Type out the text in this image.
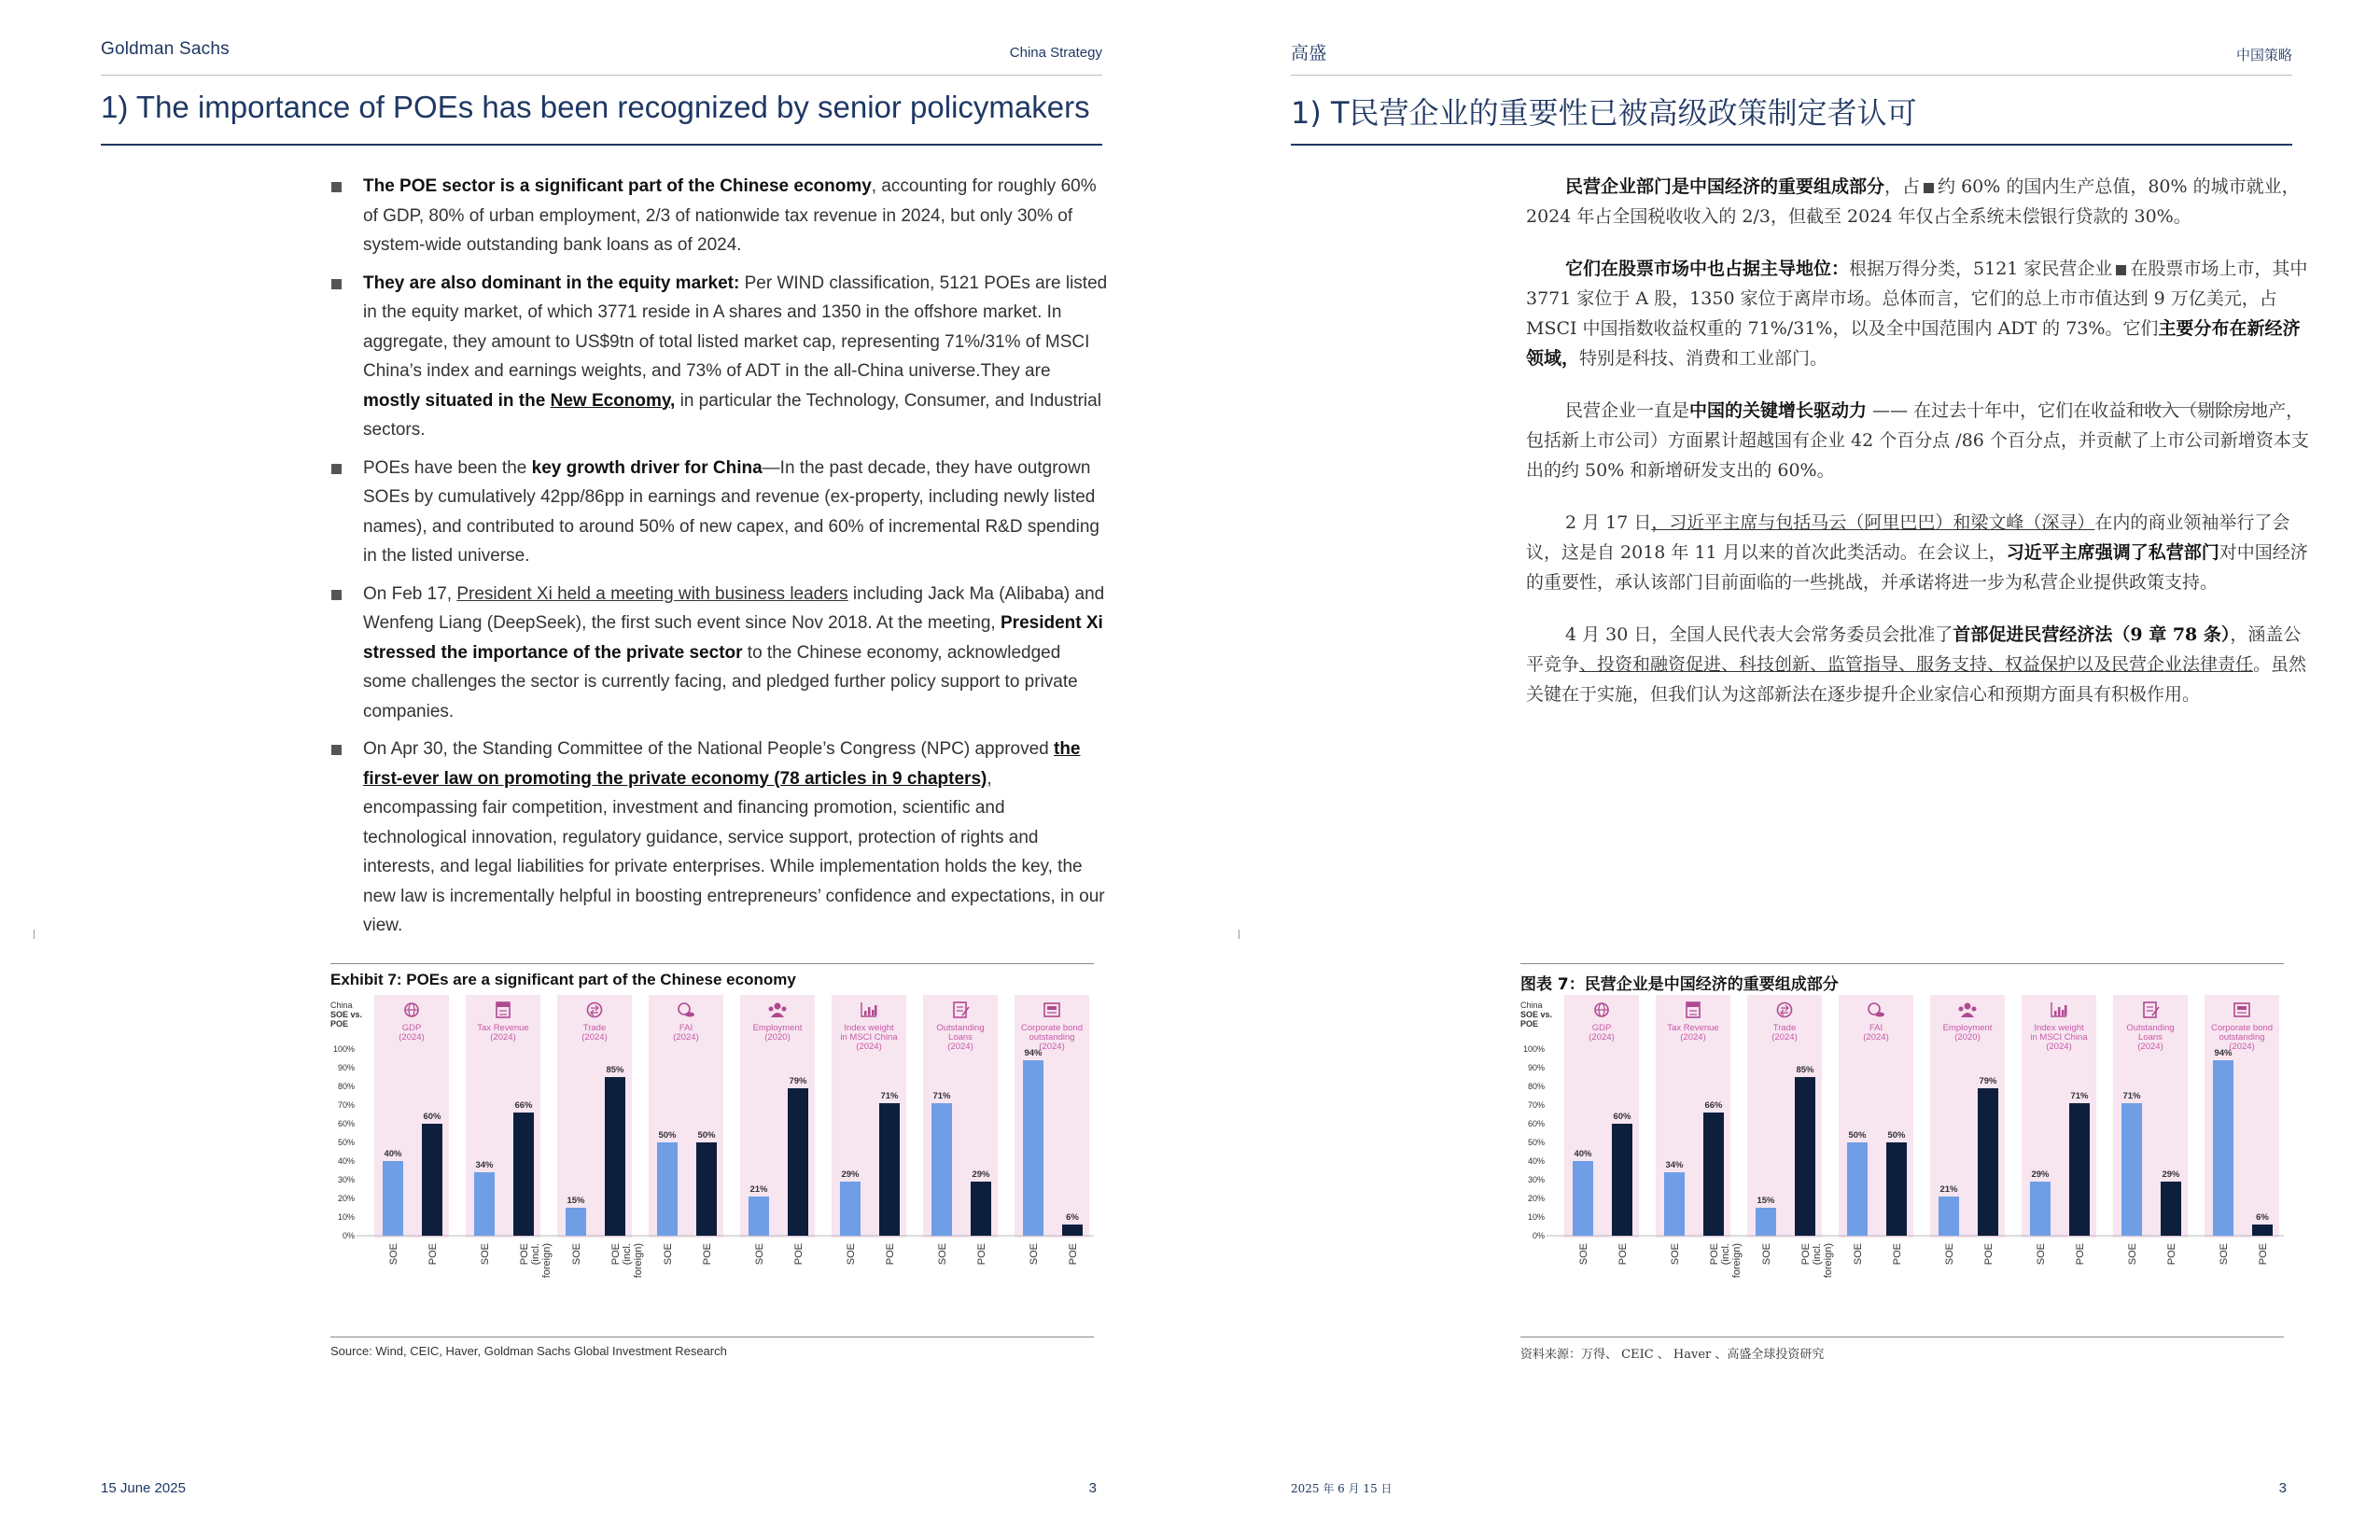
Goldman Sachs	China Strategy
1) The importance of POEs has been recognized by senior policymakers
The POE sector is a significant part of the Chinese economy, accounting for roughly 60% of GDP, 80% of urban employment, 2/3 of nationwide tax revenue in 2024, but only 30% of system-wide outstanding bank loans as of 2024.
They are also dominant in the equity market: Per WIND classification, 5121 POEs are listed in the equity market, of which 3771 reside in A shares and 1350 in the offshore market. In aggregate, they amount to US$9tn of total listed market cap, representing 71%/31% of MSCI China’s index and earnings weights, and 73% of ADT in the all-China universe.They are mostly situated in the New Economy, in particular the Technology, Consumer, and Industrial sectors.
POEs have been the key growth driver for China—In the past decade, they have outgrown SOEs by cumulatively 42pp/86pp in earnings and revenue (ex-property, including newly listed names), and contributed to around 50% of new capex, and 60% of incremental R&D spending in the listed universe.
On Feb 17, President Xi held a meeting with business leaders including Jack Ma (Alibaba) and Wenfeng Liang (DeepSeek), the first such event since Nov 2018. At the meeting, President Xi stressed the importance of the private sector to the Chinese economy, acknowledged some challenges the sector is currently facing, and pledged further policy support to private companies.
On Apr 30, the Standing Committee of the National People’s Congress (NPC) approved the first-ever law on promoting the private economy (78 articles in 9 chapters), encompassing fair competition, investment and financing promotion, scientific and technological innovation, regulatory guidance, service support, protection of rights and interests, and legal liabilities for private enterprises. While implementation holds the key, the new law is incrementally helpful in boosting entrepreneurs’ confidence and expectations, in our view.
Exhibit 7: POEs are a significant part of the Chinese economy
China
SOE vs.
POE	GDP
(2024)
Tax Revenue
(2024)
Trade
(2024)
FAI
(2024)
Employment
(2020)
Index weight
in MSCI China
(2024)
Outstanding
Loans
(2024)
Corporate bond
outstanding
(2024)
0%
10%
20%
30%
40%
50%
60%
70%
80%
90%
100%
40%
SOE
60%
POE
34%
SOE
66%
POE(incl.foreign)
15%
SOE
85%
POE(incl.foreign)
50%
SOE
50%
POE
21%
SOE
79%
POE
29%
SOE
71%
POE
71%
SOE
29%
POE
94%
SOE
6%
POE
Source: Wind, CEIC, Haver, Goldman Sachs Global Investment Research
15 June 2025	3
高盛	中国策略
1) T民营企业的重要性已被高级政策制定者认可

民营企业部门是中国经济的重要组成部分，占 约 60% 的国内生产总值，80% 的城市就业，2024 年占全国税收收入的 2/3，但截至 2024 年仅占全系统未偿银行贷款的 30%。

它们在股票市场中也占据主导地位：根据万得分类，5121 家民营企业 在股票市场上市，其中 3771 家位于 A 股，1350 家位于离岸市场。总体而言，它们的总上市市值达到 9 万亿美元，占 MSCI 中国指数收益权重的 71%/31%，以及全中国范围内 ADT 的 73%。它们主要分布在新经济领域，特别是科技、消费和工业部门。

民营企业一直是中国的关键增长驱动力 —— 在过去十年中，它们在收益和收入（剔除房地产，包括新上市公司）方面累计超越国有企业 42 个百分点 /86 个百分点，并贡献了上市公司新增资本支出的约 50% 和新增研发支出的 60%。

2 月 17 日，习近平主席与包括马云（阿里巴巴）和梁文峰（深寻）在内的商业领袖举行了会议，这是自 2018 年 11 月以来的首次此类活动。在会议上，习近平主席强调了私营部门对中国经济的重要性，承认该部门目前面临的一些挑战，并承诺将进一步为私营企业提供政策支持。

4 月 30 日，全国人民代表大会常务委员会批准了首部促进民营经济法（9 章 78 条），涵盖公平竞争、投资和融资促进、科技创新、监管指导、服务支持、权益保护以及民营企业法律责任。虽然关键在于实施，但我们认为这部新法在逐步提升企业家信心和预期方面具有积极作用。

图表 7：民营企业是中国经济的重要组成部分
China
SOE vs.
POE	GDP
(2024)
Tax Revenue
(2024)
Trade
(2024)
FAI
(2024)
Employment
(2020)
Index weight
in MSCI China
(2024)
Outstanding
Loans
(2024)
Corporate bond
outstanding
(2024)
0%
10%
20%
30%
40%
50%
60%
70%
80%
90%
100%
40%
SOE
60%
POE
34%
SOE
66%
POE(incl.foreign)
15%
SOE
85%
POE(incl.foreign)
50%
SOE
50%
POE
21%
SOE
79%
POE
29%
SOE
71%
POE
71%
SOE
29%
POE
94%
SOE
6%
POE
资料来源：万得、 CEIC 、 Haver 、高盛全球投资研究
2025 年 6 月 15 日	3
